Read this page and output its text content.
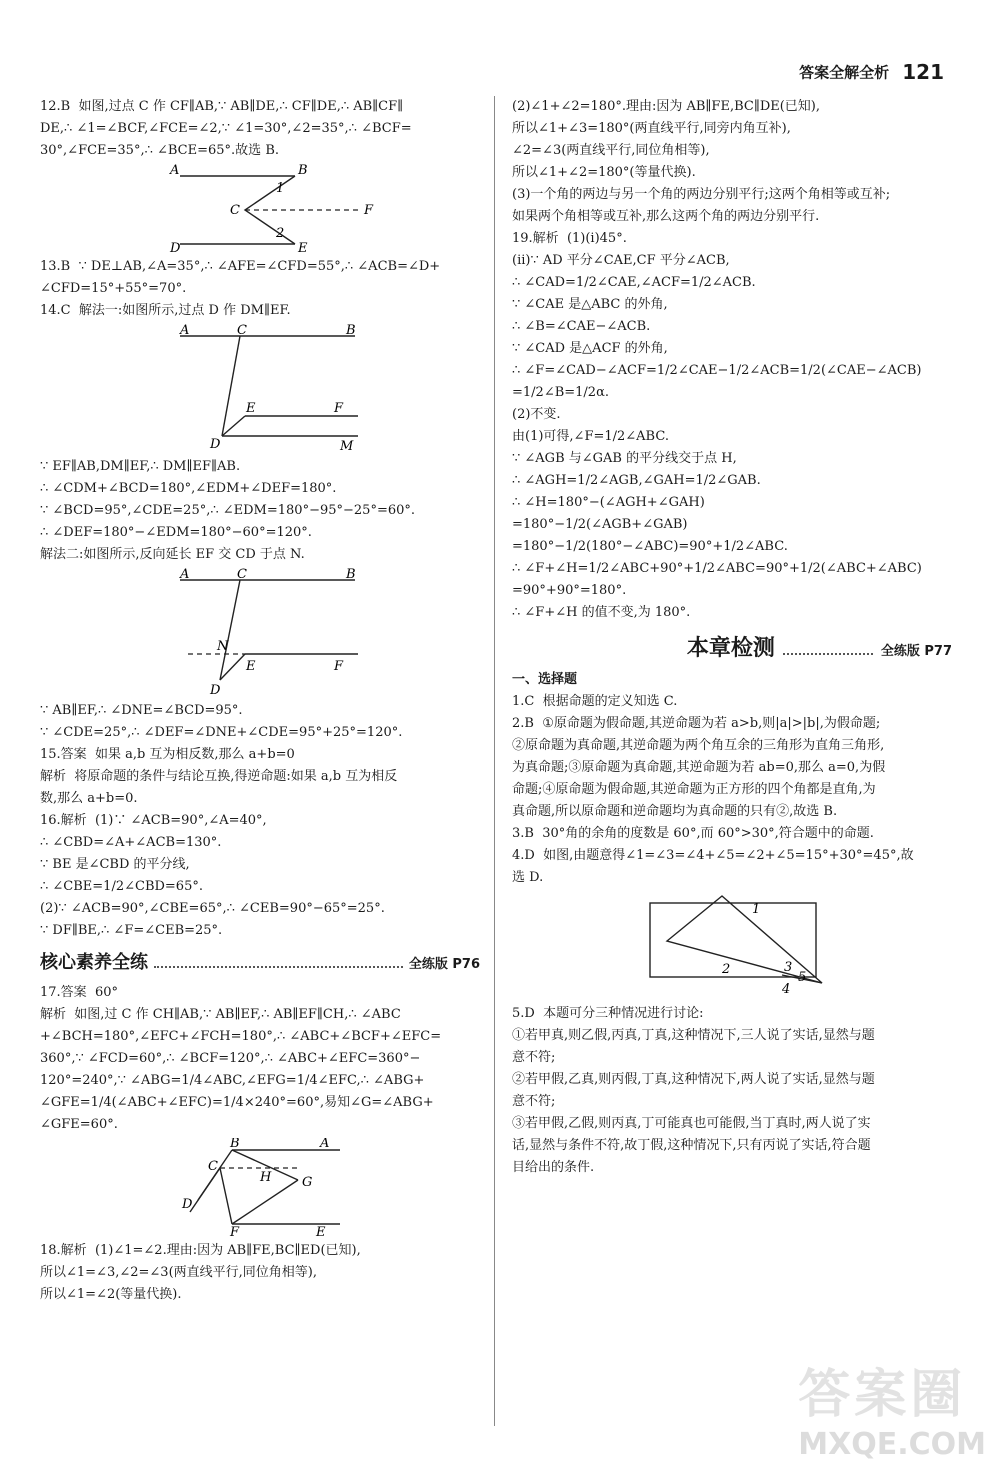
答案全解全析 121

12.B  如图,过点 C 作 CF∥AB,∵ AB∥DE,∴ CF∥DE,∴ AB∥CF∥

DE,∴ ∠1=∠BCF,∠FCE=∠2,∵ ∠1=30°,∠2=35°,∴ ∠BCF=

30°,∠FCE=35°,∴ ∠BCE=65°.故选 B.

A	B
C	F
D	E
1
2

13.B  ∵ DE⊥AB,∠A=35°,∴ ∠AFE=∠CFD=55°,∴ ∠ACB=∠D+

∠CFD=15°+55°=70°.

14.C  解法一:如图所示,过点 D 作 DM∥EF.

A	C	B
E	F
D	M

∵ EF∥AB,DM∥EF,∴ DM∥EF∥AB.

∴ ∠CDM+∠BCD=180°,∠EDM+∠DEF=180°.

∵ ∠BCD=95°,∠CDE=25°,∴ ∠EDM=180°−95°−25°=60°.

∴ ∠DEF=180°−∠EDM=180°−60°=120°.

解法二:如图所示,反向延长 EF 交 CD 于点 N.

A	C	B
N
E	F
D

∵ AB∥EF,∴ ∠DNE=∠BCD=95°.

∵ ∠CDE=25°,∴ ∠DEF=∠DNE+∠CDE=95°+25°=120°.

15.答案  如果 a,b 互为相反数,那么 a+b=0

解析  将原命题的条件与结论互换,得逆命题:如果 a,b 互为相反

数,那么 a+b=0.

16.解析  (1)∵ ∠ACB=90°,∠A=40°,

∴ ∠CBD=∠A+∠ACB=130°.

∵ BE 是∠CBD 的平分线,

∴ ∠CBE=1/2∠CBD=65°.

(2)∵ ∠ACB=90°,∠CBE=65°,∴ ∠CEB=90°−65°=25°.

∵ DF∥BE,∴ ∠F=∠CEB=25°.

核心素养全练	全练版 P76

17.答案  60°

解析  如图,过 C 作 CH∥AB,∵ AB∥EF,∴ AB∥EF∥CH,∴ ∠ABC

+∠BCH=180°,∠EFC+∠FCH=180°,∴ ∠ABC+∠BCF+∠EFC=

360°,∵ ∠FCD=60°,∴ ∠BCF=120°,∴ ∠ABC+∠EFC=360°−

120°=240°,∵ ∠ABG=1/4∠ABC,∠EFG=1/4∠EFC,∴ ∠ABG+

∠GFE=1/4(∠ABC+∠EFC)=1/4×240°=60°,易知∠G=∠ABG+

∠GFE=60°.

B	A
C
H G
D
F	E

18.解析  (1)∠1=∠2.理由:因为 AB∥FE,BC∥ED(已知),

所以∠1=∠3,∠2=∠3(两直线平行,同位角相等),

所以∠1=∠2(等量代换).

(2)∠1+∠2=180°.理由:因为 AB∥FE,BC∥DE(已知),

所以∠1+∠3=180°(两直线平行,同旁内角互补),

∠2=∠3(两直线平行,同位角相等),

所以∠1+∠2=180°(等量代换).

(3)一个角的两边与另一个角的两边分别平行;这两个角相等或互补;

如果两个角相等或互补,那么这两个角的两边分别平行.

19.解析  (1)(i)45°.

(ii)∵ AD 平分∠CAE,CF 平分∠ACB,

∴ ∠CAD=1/2∠CAE,∠ACF=1/2∠ACB.

∵ ∠CAE 是△ABC 的外角,

∴ ∠B=∠CAE−∠ACB.

∵ ∠CAD 是△ACF 的外角,

∴ ∠F=∠CAD−∠ACF=1/2∠CAE−1/2∠ACB=1/2(∠CAE−∠ACB)

=1/2∠B=1/2α.

(2)不变.

由(1)可得,∠F=1/2∠ABC.

∵ ∠AGB 与∠GAB 的平分线交于点 H,

∴ ∠AGH=1/2∠AGB,∠GAH=1/2∠GAB.

∴ ∠H=180°−(∠AGH+∠GAH)

=180°−1/2(∠AGB+∠GAB)

=180°−1/2(180°−∠ABC)=90°+1/2∠ABC.

∴ ∠F+∠H=1/2∠ABC+90°+1/2∠ABC=90°+1/2(∠ABC+∠ABC)

=90°+90°=180°.

∴ ∠F+∠H 的值不变,为 180°.

本章检测	全练版 P77

一、选择题

1.C  根据命题的定义知选 C.

2.B  ①原命题为假命题,其逆命题为若 a>b,则|a|>|b|,为假命题;

②原命题为真命题,其逆命题为两个角互余的三角形为直角三角形,

为真命题;③原命题为真命题,其逆命题为若 ab=0,那么 a=0,为假

命题;④原命题为假命题,其逆命题为正方形的四个角都是直角,为

真命题,所以原命题和逆命题均为真命题的只有②,故选 B.

3.B  30°角的余角的度数是 60°,而 60°>30°,符合题中的命题.

4.D  如图,由题意得∠1=∠3=∠4+∠5=∠2+∠5=15°+30°=45°,故

选 D.

1
2	3
4
5

5.D  本题可分三种情况进行讨论:

①若甲真,则乙假,丙真,丁真,这种情况下,三人说了实话,显然与题

意不符;

②若甲假,乙真,则丙假,丁真,这种情况下,两人说了实话,显然与题

意不符;

③若甲假,乙假,则丙真,丁可能真也可能假,当丁真时,两人说了实

话,显然与条件不符,故丁假,这种情况下,只有丙说了实话,符合题

目给出的条件.

答案圈
MXQE.COM
